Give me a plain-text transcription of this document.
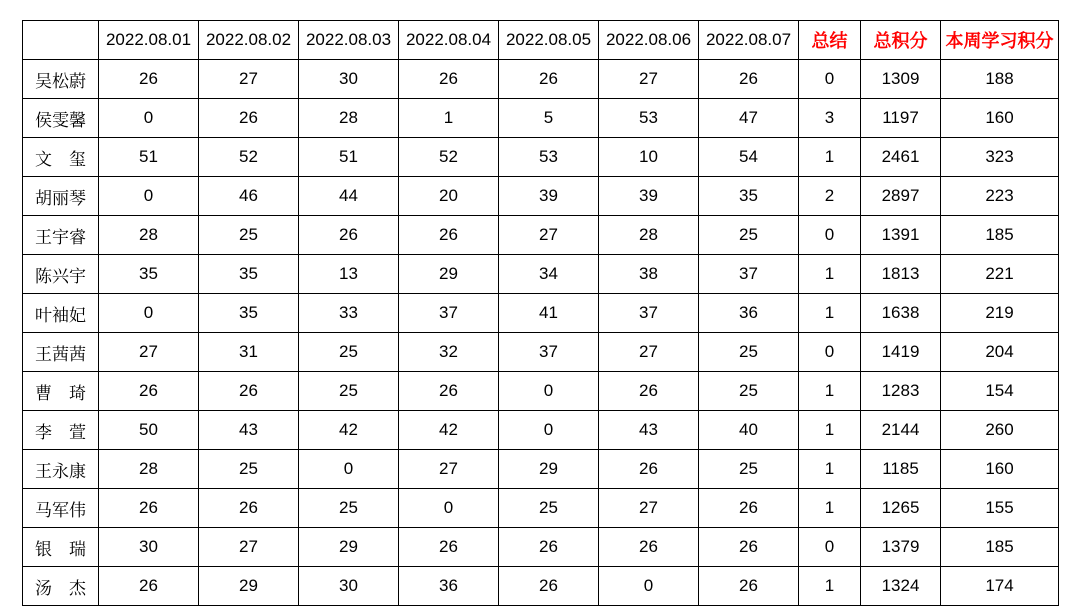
	2022.08.01	2022.08.02	2022.08.03	2022.08.04	2022.08.05	2022.08.06	2022.08.07	总结	总积分	本周学习积分
吴松蔚	26	27	30	26	26	27	26	0	1309	188
侯雯馨	0	26	28	1	5	53	47	3	1197	160
文　玺	51	52	51	52	53	10	54	1	2461	323
胡丽琴	0	46	44	20	39	39	35	2	2897	223
王宇睿	28	25	26	26	27	28	25	0	1391	185
陈兴宇	35	35	13	29	34	38	37	1	1813	221
叶袖妃	0	35	33	37	41	37	36	1	1638	219
王茜茜	27	31	25	32	37	27	25	0	1419	204
曹　琦	26	26	25	26	0	26	25	1	1283	154
李　萱	50	43	42	42	0	43	40	1	2144	260
王永康	28	25	0	27	29	26	25	1	1185	160
马军伟	26	26	25	0	25	27	26	1	1265	155
银　瑞	30	27	29	26	26	26	26	0	1379	185
汤　杰	26	29	30	36	26	0	26	1	1324	174
